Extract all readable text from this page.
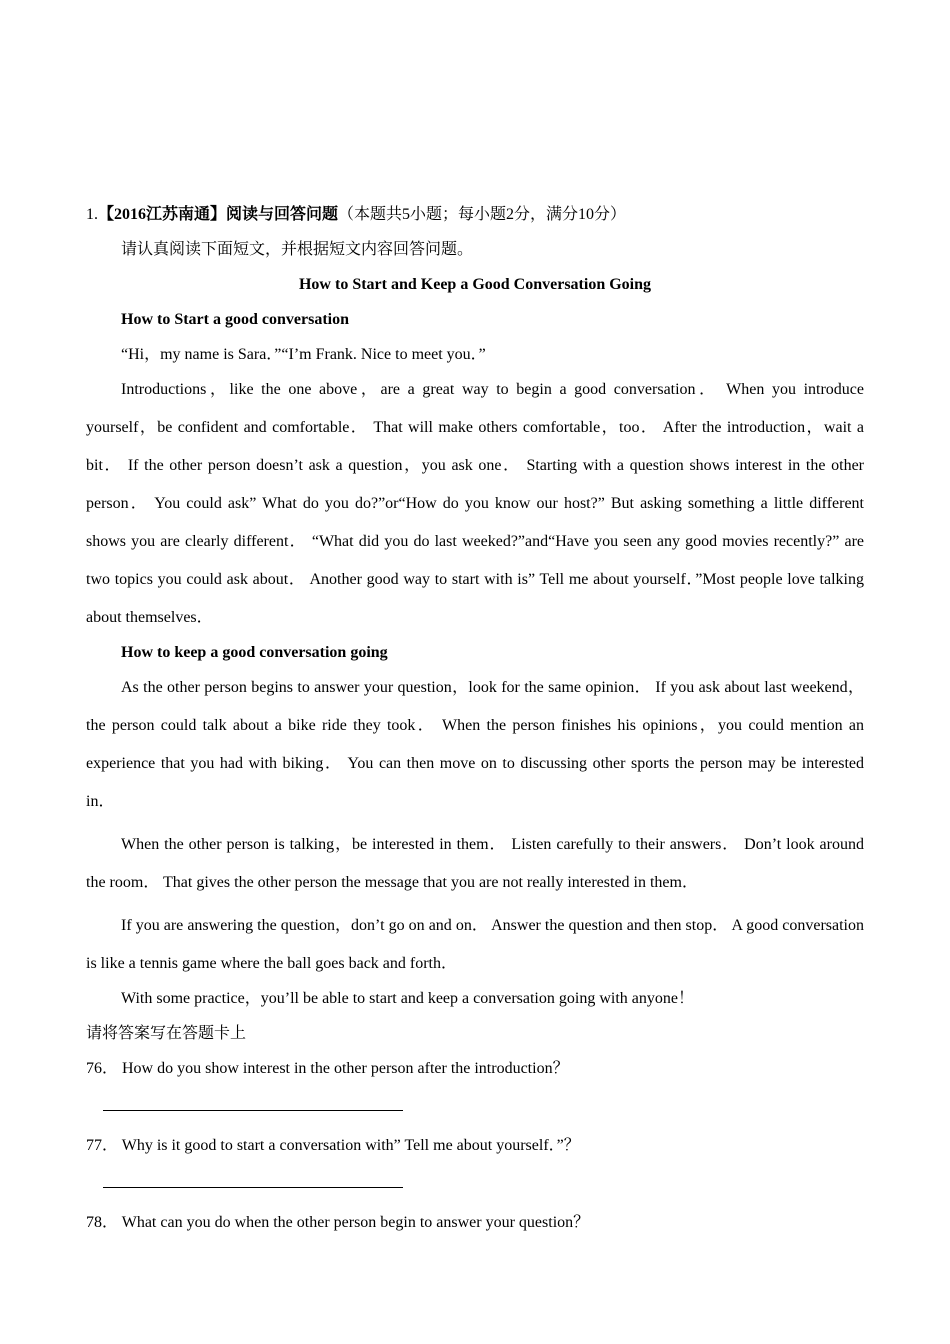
1.【2016江苏南通】阅读与回答问题（本题共5小题；每小题2分，满分10分）

请认真阅读下面短文，并根据短文内容回答问题。

How to Start and Keep a Good Conversation Going

How to Start a good conversation

“Hi，my name is Sara．”“I’m Frank. Nice to meet you．”

Introductions，like the one above，are a great way to begin a good conversation． When you introduce yourself，be confident and comfortable． That will make others comfortable，too． After the introduction，wait a bit． If the other person doesn’t ask a question，you ask one． Starting with a question shows interest in the other person． You could ask” What do you do?”or“How do you know our host?” But asking something a little different shows you are clearly different． “What did you do last weeked?”and“Have you seen any good movies recently?” are two topics you could ask about． Another good way to start with is” Tell me about yourself．”Most people love talking about themselves．

How to keep a good conversation going

As the other person begins to answer your question，look for the same opinion． If you ask about last weekend，the person could talk about a bike ride they took． When the person finishes his opinions，you could mention an experience that you had with biking． You can then move on to discussing other sports the person may be interested in．

When the other person is talking，be interested in them． Listen carefully to their answers． Don’t look around the room． That gives the other person the message that you are not really interested in them．

If you are answering the question，don’t go on and on． Answer the question and then stop． A good conversation is like a tennis game where the ball goes back and forth．

With some practice，you’ll be able to start and keep a conversation going with anyone！

请将答案写在答题卡上

76． How do you show interest in the other person after the introduction？

77． Why is it good to start a conversation with” Tell me about yourself．”？

78． What can you do when the other person begin to answer your question？
